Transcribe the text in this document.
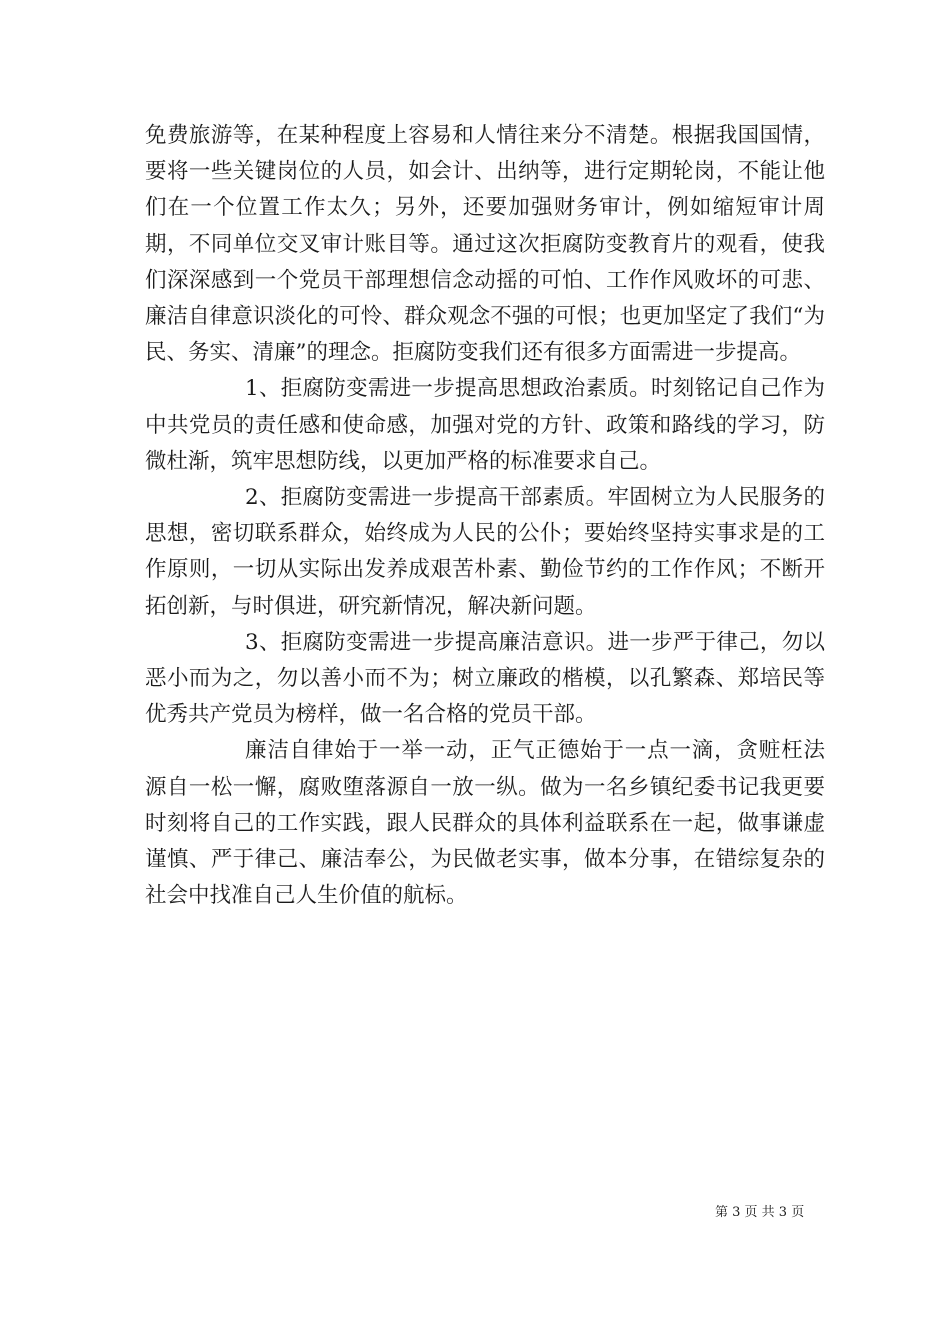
免费旅游等，在某种程度上容易和人情往来分不清楚。根据我国国情，要将一些关键岗位的人员，如会计、出纳等，进行定期轮岗，不能让他们在一个位置工作太久；另外，还要加强财务审计，例如缩短审计周期，不同单位交叉审计账目等。通过这次拒腐防变教育片的观看，使我们深深感到一个党员干部理想信念动摇的可怕、工作作风败坏的可悲、廉洁自律意识淡化的可怜、群众观念不强的可恨；也更加坚定了我们“为民、务实、清廉”的理念。拒腐防变我们还有很多方面需进一步提高。

1、拒腐防变需进一步提高思想政治素质。时刻铭记自己作为中共党员的责任感和使命感，加强对党的方针、政策和路线的学习，防微杜渐，筑牢思想防线，以更加严格的标准要求自己。

2、拒腐防变需进一步提高干部素质。牢固树立为人民服务的思想，密切联系群众，始终成为人民的公仆；要始终坚持实事求是的工作原则，一切从实际出发养成艰苦朴素、勤俭节约的工作作风；不断开拓创新，与时俱进，研究新情况，解决新问题。

3、拒腐防变需进一步提高廉洁意识。进一步严于律己，勿以恶小而为之，勿以善小而不为；树立廉政的楷模，以孔繁森、郑培民等优秀共产党员为榜样，做一名合格的党员干部。

廉洁自律始于一举一动，正气正德始于一点一滴，贪赃枉法源自一松一懈，腐败堕落源自一放一纵。做为一名乡镇纪委书记我更要时刻将自己的工作实践，跟人民群众的具体利益联系在一起，做事谦虚谨慎、严于律己、廉洁奉公，为民做老实事，做本分事，在错综复杂的社会中找准自己人生价值的航标。

第 3 页 共 3 页
